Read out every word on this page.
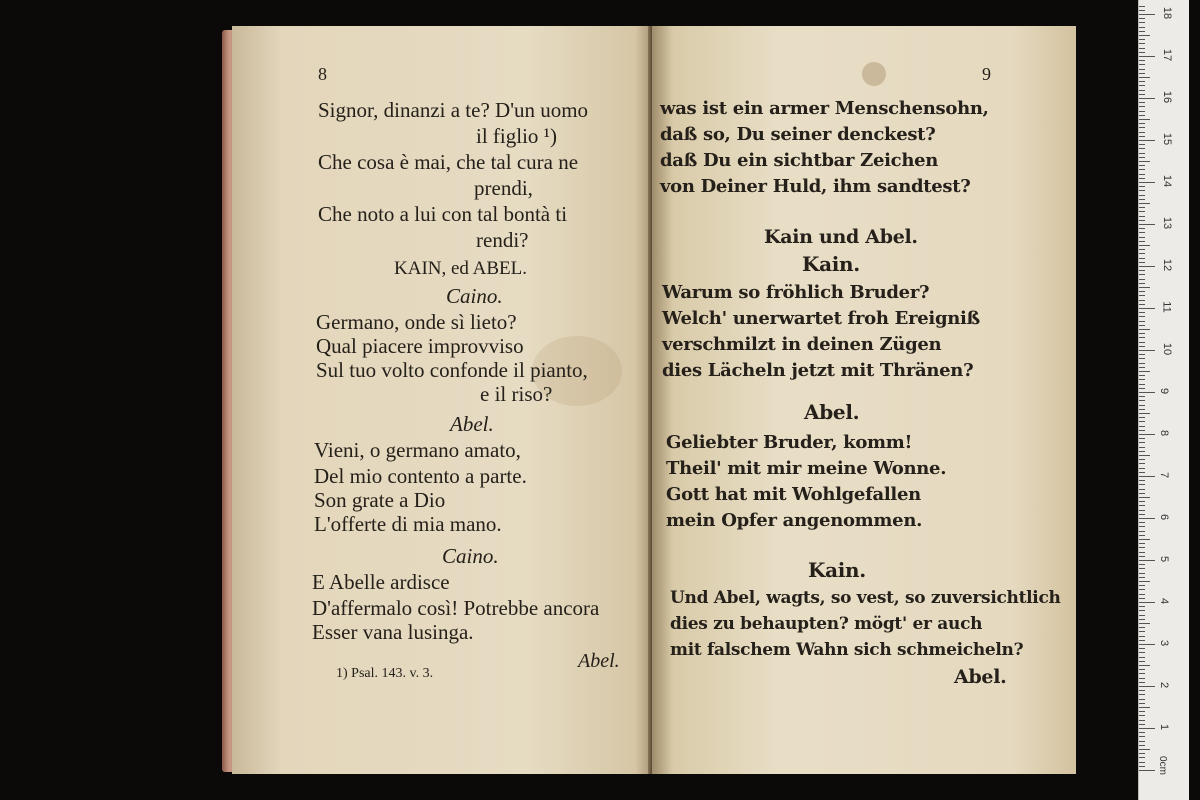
8
Signor, dinanzi a te? D'un uomo
il figlio ¹)
Che cosa è mai, che tal cura ne
prendi,
Che noto a lui con tal bontà ti
rendi?
KAIN, ed ABEL.
Caino.
Germano, onde sì lieto?
Qual piacere improvviso
Sul tuo volto confonde il pianto,
e il riso?
Abel.
Vieni, o germano amato,
Del mio contento a parte.
Son grate a Dio
L'offerte di mia mano.
Caino.
E Abelle ardisce
D'affermalo così! Potrebbe ancora
Esser vana lusinga.
1) Psal. 143. v. 3.
Abel.
9
was ist ein armer Menschensohn,
daß so, Du seiner denckest?
daß Du ein sichtbar Zeichen
von Deiner Huld, ihm sandtest?
Kain und Abel.
Kain.
Warum so fröhlich Bruder?
Welch' unerwartet froh Ereigniß
verschmilzt in deinen Zügen
dies Lächeln jetzt mit Thränen?
Abel.
Geliebter Bruder, komm!
Theil' mit mir meine Wonne.
Gott hat mit Wohlgefallen
mein Opfer angenommen.
Kain.
Und Abel, wagts, so vest, so zuversichtlich
dies zu behaupten? mögt' er auch
mit falschem Wahn sich schmeicheln?
Abel.
0cm
1
2
3
4
5
6
7
8
9
10
11
12
13
14
15
16
17
18
